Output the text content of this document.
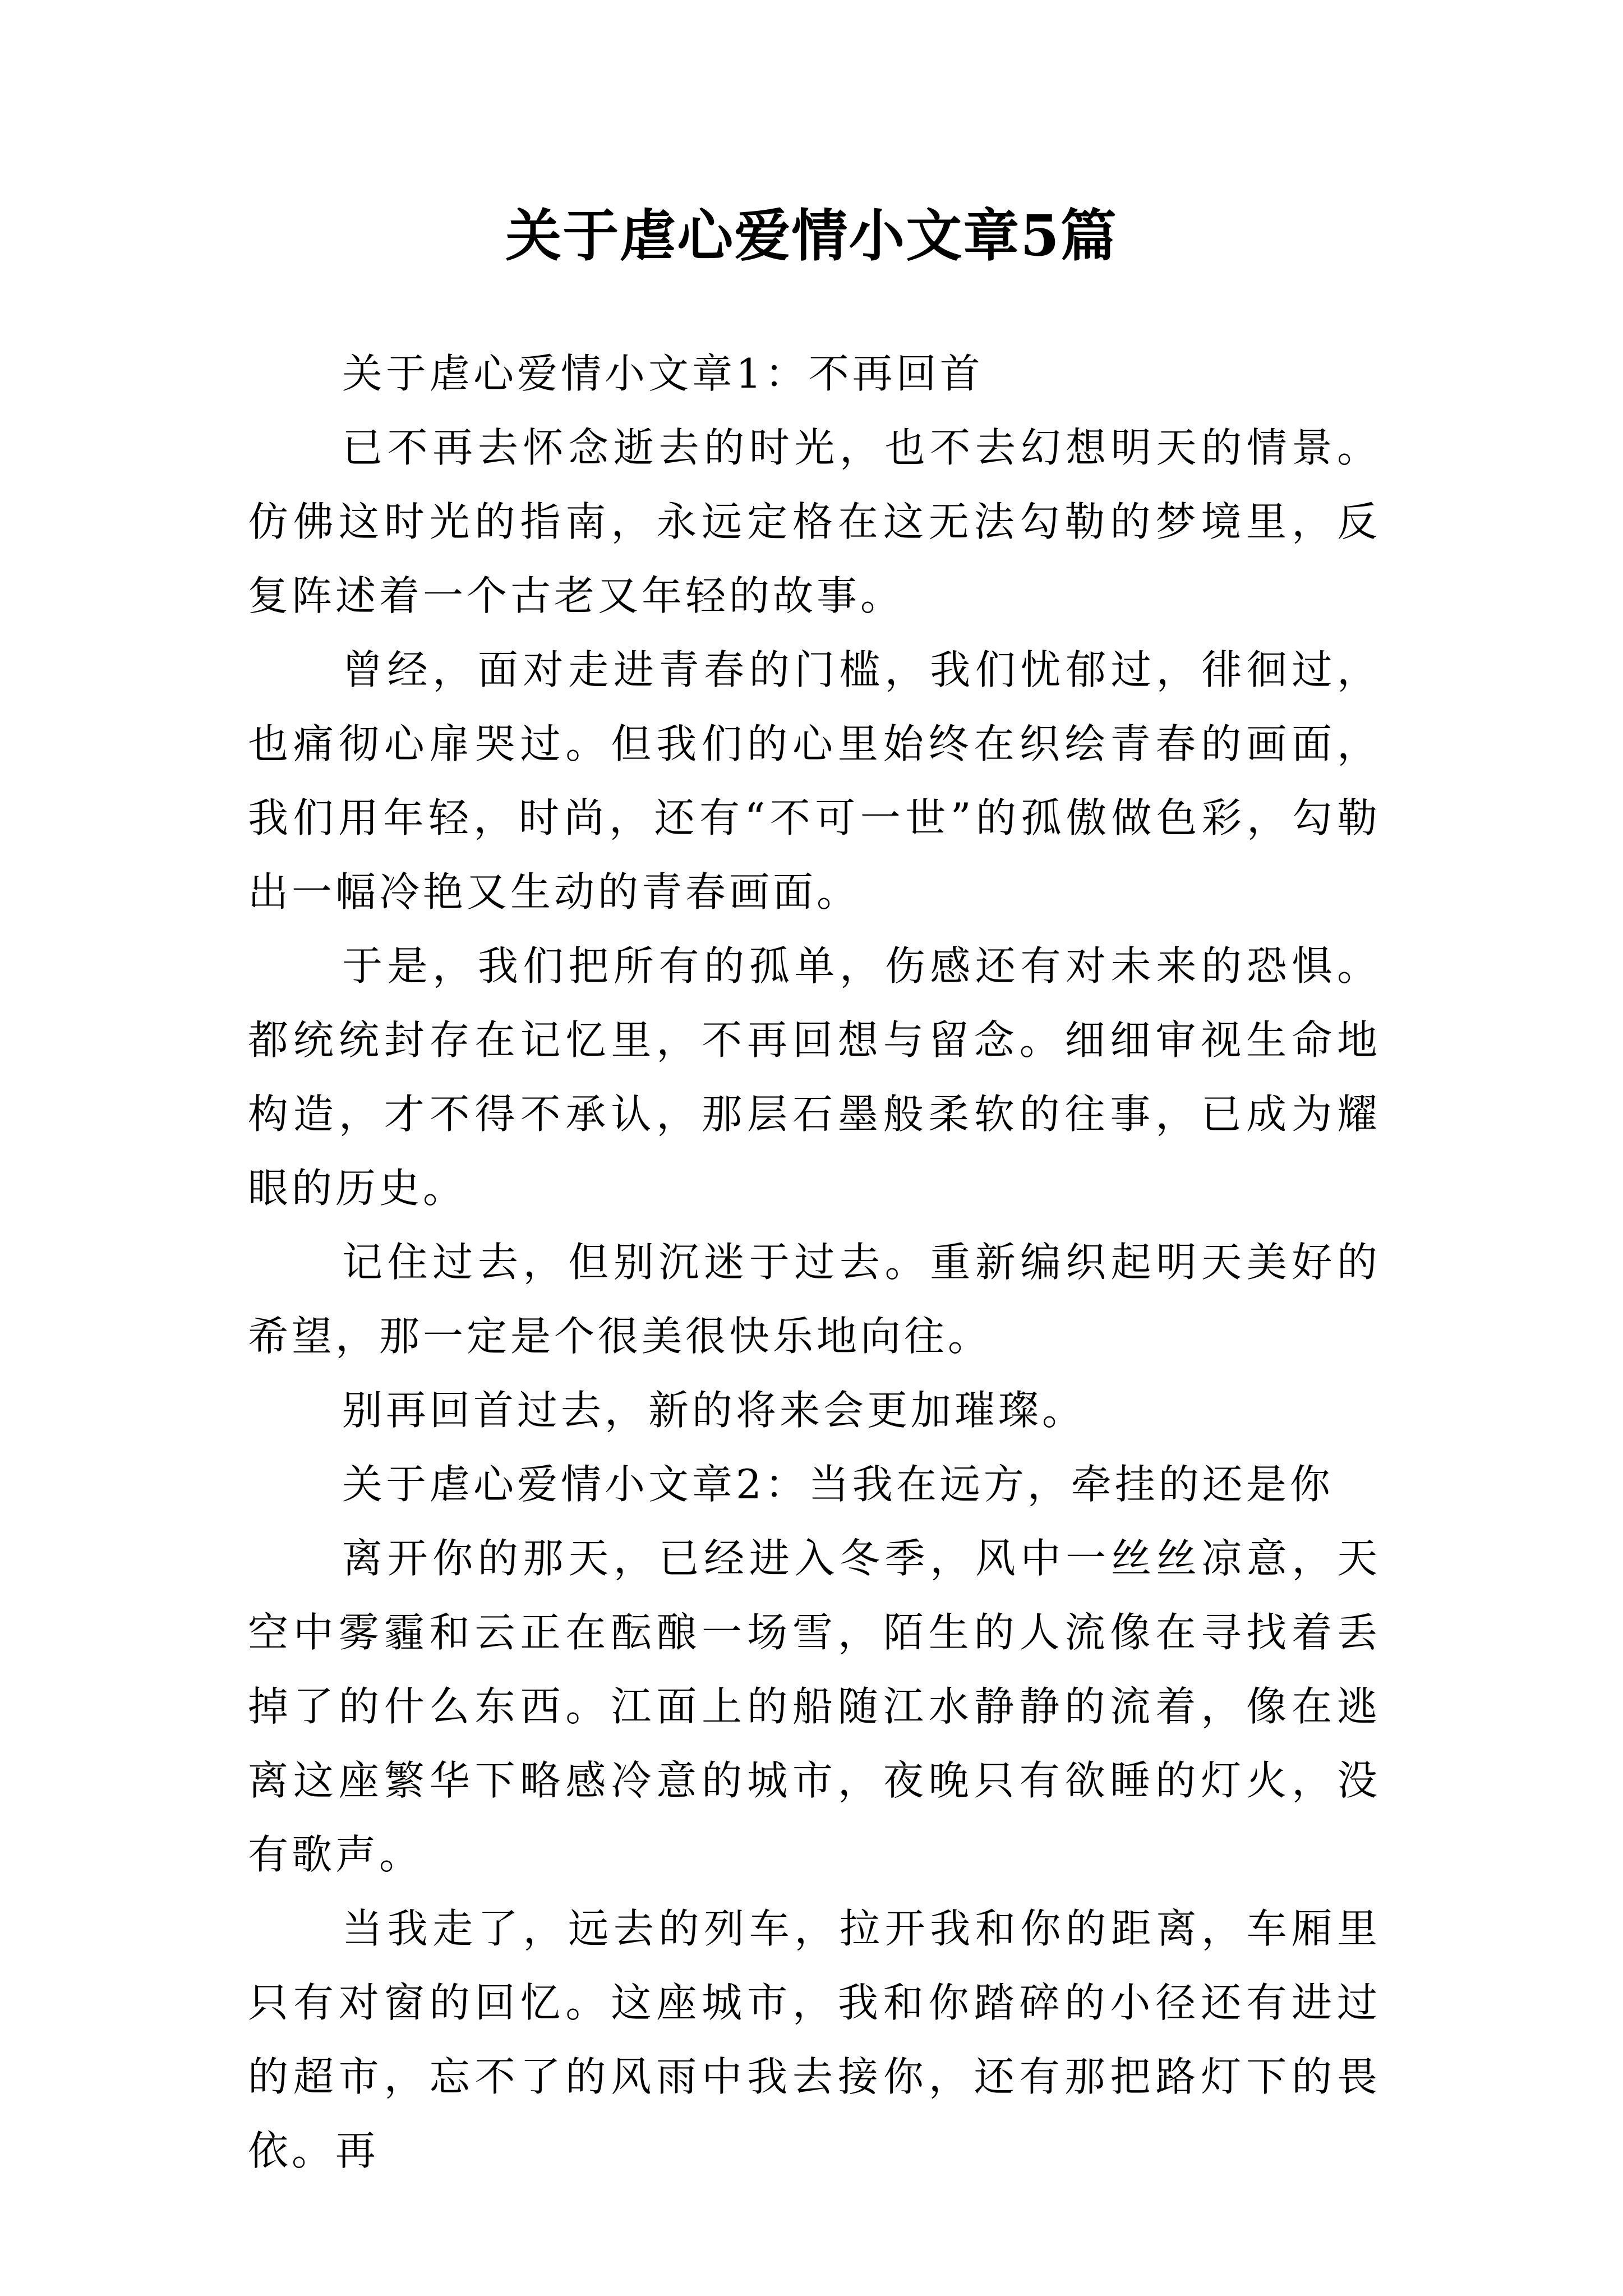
关于虐心爱情小文章5篇

关于虐心爱情小文章1：不再回首

已不再去怀念逝去的时光，也不去幻想明天的情景。仿佛这时光的指南，永远定格在这无法勾勒的梦境里，反复阵述着一个古老又年轻的故事。

曾经，面对走进青春的门槛，我们忧郁过，徘徊过，也痛彻心扉哭过。但我们的心里始终在织绘青春的画面，我们用年轻，时尚，还有“不可一世”的孤傲做色彩，勾勒出一幅冷艳又生动的青春画面。

于是，我们把所有的孤单，伤感还有对未来的恐惧。都统统封存在记忆里，不再回想与留念。细细审视生命地构造，才不得不承认，那层石墨般柔软的往事，已成为耀眼的历史。

记住过去，但别沉迷于过去。重新编织起明天美好的希望，那一定是个很美很快乐地向往。

别再回首过去，新的将来会更加璀璨。

关于虐心爱情小文章2：当我在远方，牵挂的还是你

离开你的那天，已经进入冬季，风中一丝丝凉意，天空中雾霾和云正在酝酿一场雪，陌生的人流像在寻找着丢掉了的什么东西。江面上的船随江水静静的流着，像在逃离这座繁华下略感冷意的城市，夜晚只有欲睡的灯火，没有歌声。

当我走了，远去的列车，拉开我和你的距离，车厢里只有对窗的回忆。这座城市，我和你踏碎的小径还有进过的超市，忘不了的风雨中我去接你，还有那把路灯下的畏依。再
